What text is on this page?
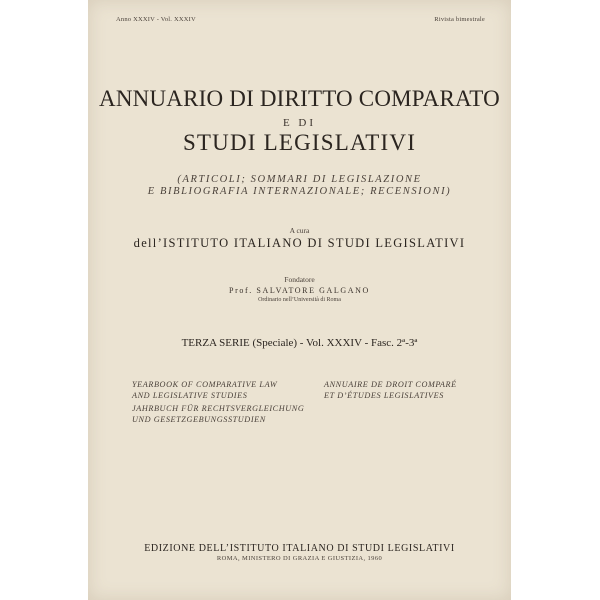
Anno XXXIV - Vol. XXXIV	Rivista bimestrale
ANNUARIO DI DIRITTO COMPARATO
E DI
STUDI LEGISLATIVI
(ARTICOLI; SOMMARI DI LEGISLAZIONE
E BIBLIOGRAFIA INTERNAZIONALE; RECENSIONI)
A cura
dell’ISTITUTO ITALIANO DI STUDI LEGISLATIVI
Fondatore
Prof. SALVATORE GALGANO
Ordinario nell’Università di Roma
TERZA SERIE (Speciale) - Vol. XXXIV - Fasc. 2ª-3ª
YEARBOOK OF COMPARATIVE LAW
AND LEGISLATIVE STUDIES
ANNUAIRE DE DROIT COMPARÉ
ET D’ÉTUDES LEGISLATIVES
JAHRBUCH FÜR RECHTSVERGLEICHUNG
UND GESETZGEBUNGSSTUDIEN
EDIZIONE DELL’ISTITUTO ITALIANO DI STUDI LEGISLATIVI
ROMA, MINISTERO DI GRAZIA E GIUSTIZIA, 1960
